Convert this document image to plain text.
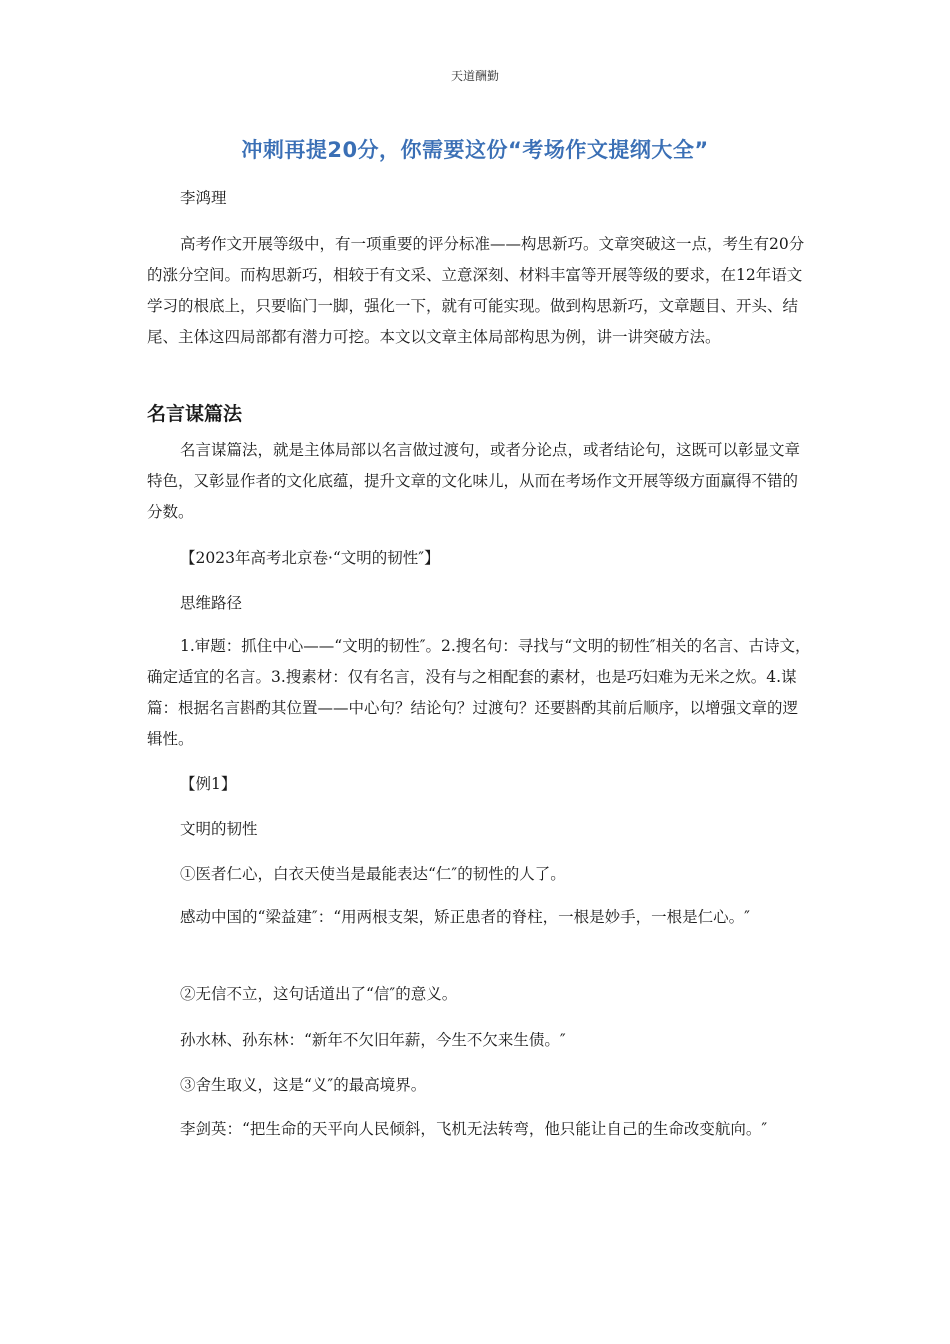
天道酬勤
冲刺再提20分，你需要这份“考场作文提纲大全”
李鸿理

高考作文开展等级中，有一项重要的评分标准——构思新巧。文章突破这一点，考生有20分的涨分空间。而构思新巧，相较于有文采、立意深刻、材料丰富等开展等级的要求，在12年语文学习的根底上，只要临门一脚，强化一下，就有可能实现。做到构思新巧，文章题目、开头、结尾、主体这四局部都有潜力可挖。本文以文章主体局部构思为例，讲一讲突破方法。

名言谋篇法

名言谋篇法，就是主体局部以名言做过渡句，或者分论点，或者结论句，这既可以彰显文章特色，又彰显作者的文化底蕴，提升文章的文化味儿，从而在考场作文开展等级方面赢得不错的分数。

【2023年高考北京卷·“文明的韧性″】
思维路径

1.审题：抓住中心——“文明的韧性″。2.搜名句：寻找与“文明的韧性″相关的名言、古诗文，确定适宜的名言。3.搜素材：仅有名言，没有与之相配套的素材，也是巧妇难为无米之炊。4.谋篇：根据名言斟酌其位置——中心句？结论句？过渡句？还要斟酌其前后顺序，以增强文章的逻辑性。

【例1】
文明的韧性
①医者仁心，白衣天使当是最能表达“仁″的韧性的人了。

感动中国的“梁益建″：“用两根支架，矫正患者的脊柱，一根是妙手，一根是仁心。″

②无信不立，这句话道出了“信″的意义。
孙水林、孙东林：“新年不欠旧年薪，今生不欠来生债。″
③舍生取义，这是“义″的最高境界。

李剑英：“把生命的天平向人民倾斜，飞机无法转弯，他只能让自己的生命改变航向。″
